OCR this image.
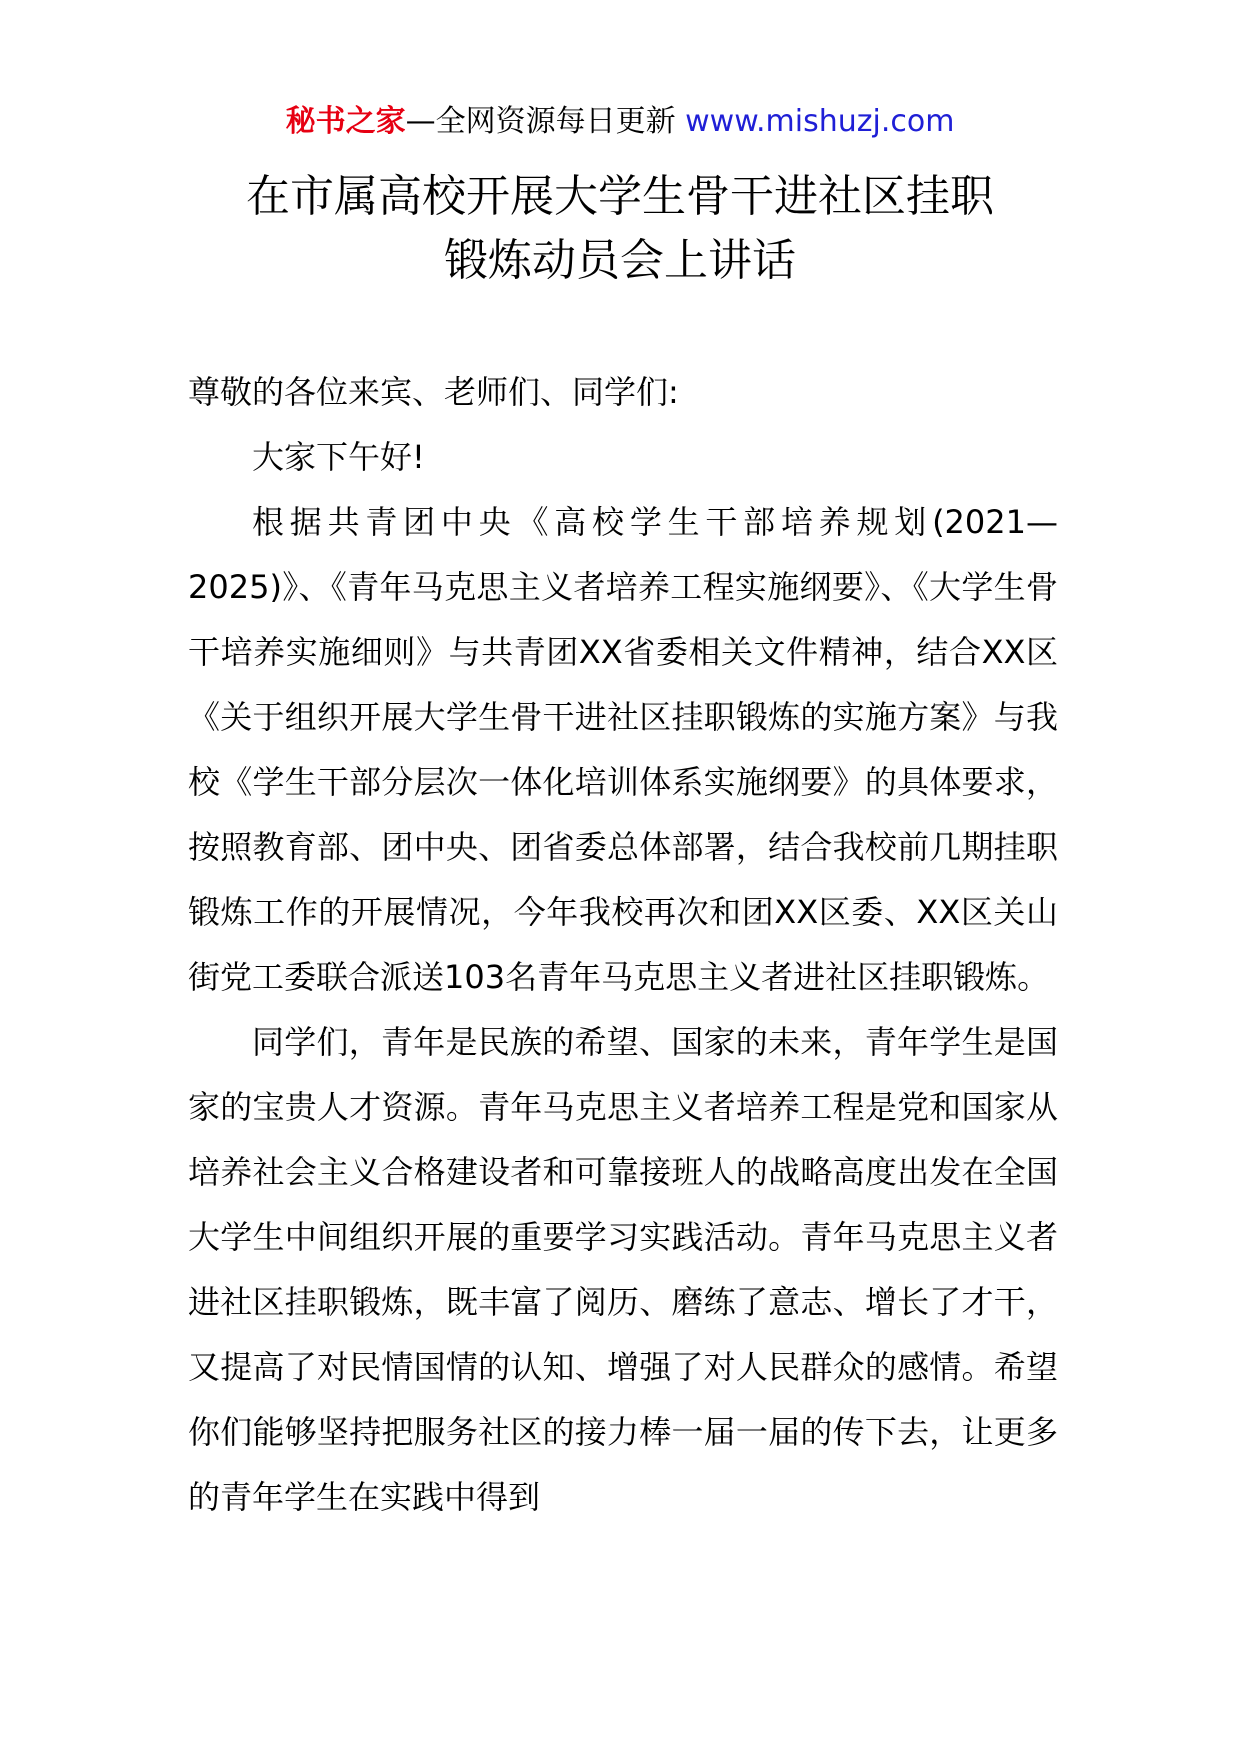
秘书之家—全网资源每日更新 www.mishuzj.com
在市属高校开展大学生骨干进社区挂职
锻炼动员会上讲话

尊敬的各位来宾、老师们、同学们:

大家下午好!

根据共青团中央《高校学生干部培养规划(2021—2025)》、《青年马克思主义者培养工程实施纲要》、《大学生骨干培养实施细则》与共青团XX省委相关文件精神，结合XX区《关于组织开展大学生骨干进社区挂职锻炼的实施方案》与我校《学生干部分层次一体化培训体系实施纲要》的具体要求，按照教育部、团中央、团省委总体部署，结合我校前几期挂职锻炼工作的开展情况，今年我校再次和团XX区委、XX区关山街党工委联合派送103名青年马克思主义者进社区挂职锻炼。

同学们，青年是民族的希望、国家的未来，青年学生是国家的宝贵人才资源。青年马克思主义者培养工程是党和国家从培养社会主义合格建设者和可靠接班人的战略高度出发在全国大学生中间组织开展的重要学习实践活动。青年马克思主义者进社区挂职锻炼，既丰富了阅历、磨练了意志、增长了才干，又提高了对民情国情的认知、增强了对人民群众的感情。希望你们能够坚持把服务社区的接力棒一届一届的传下去，让更多的青年学生在实践中得到
